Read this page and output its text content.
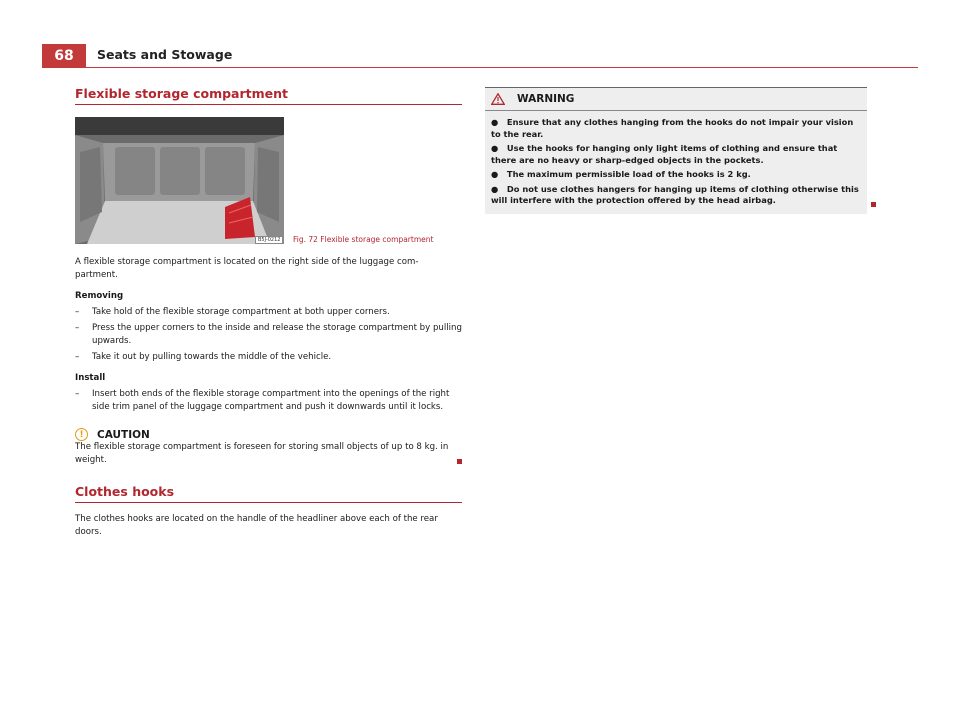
68	Seats and Stowage
Flexible storage compartment
B5J-0212	Fig. 72 Flexible storage compartment

A flexible storage compartment is located on the right side of the luggage com-
partment.

Removing
– Take hold of the flexible storage compartment at both upper corners.
– Press the upper corners to the inside and release the storage compartment by pulling upwards.
– Take it out by pulling towards the middle of the vehicle.
Install
– Insert both ends of the flexible storage compartment into the openings of the right side trim panel of the luggage compartment and push it downwards until it locks.
!	CAUTION

The flexible storage compartment is foreseen for storing small objects of up to 8 kg. in weight.

Clothes hooks

The clothes hooks are located on the handle of the headliner above each of the rear doors.

WARNING
●   Ensure that any clothes hanging from the hooks do not impair your vision to the rear.
●   Use the hooks for hanging only light items of clothing and ensure that there are no heavy or sharp-edged objects in the pockets.
●   The maximum permissible load of the hooks is 2 kg.
●   Do not use clothes hangers for hanging up items of clothing otherwise this will interfere with the protection offered by the head airbag.
